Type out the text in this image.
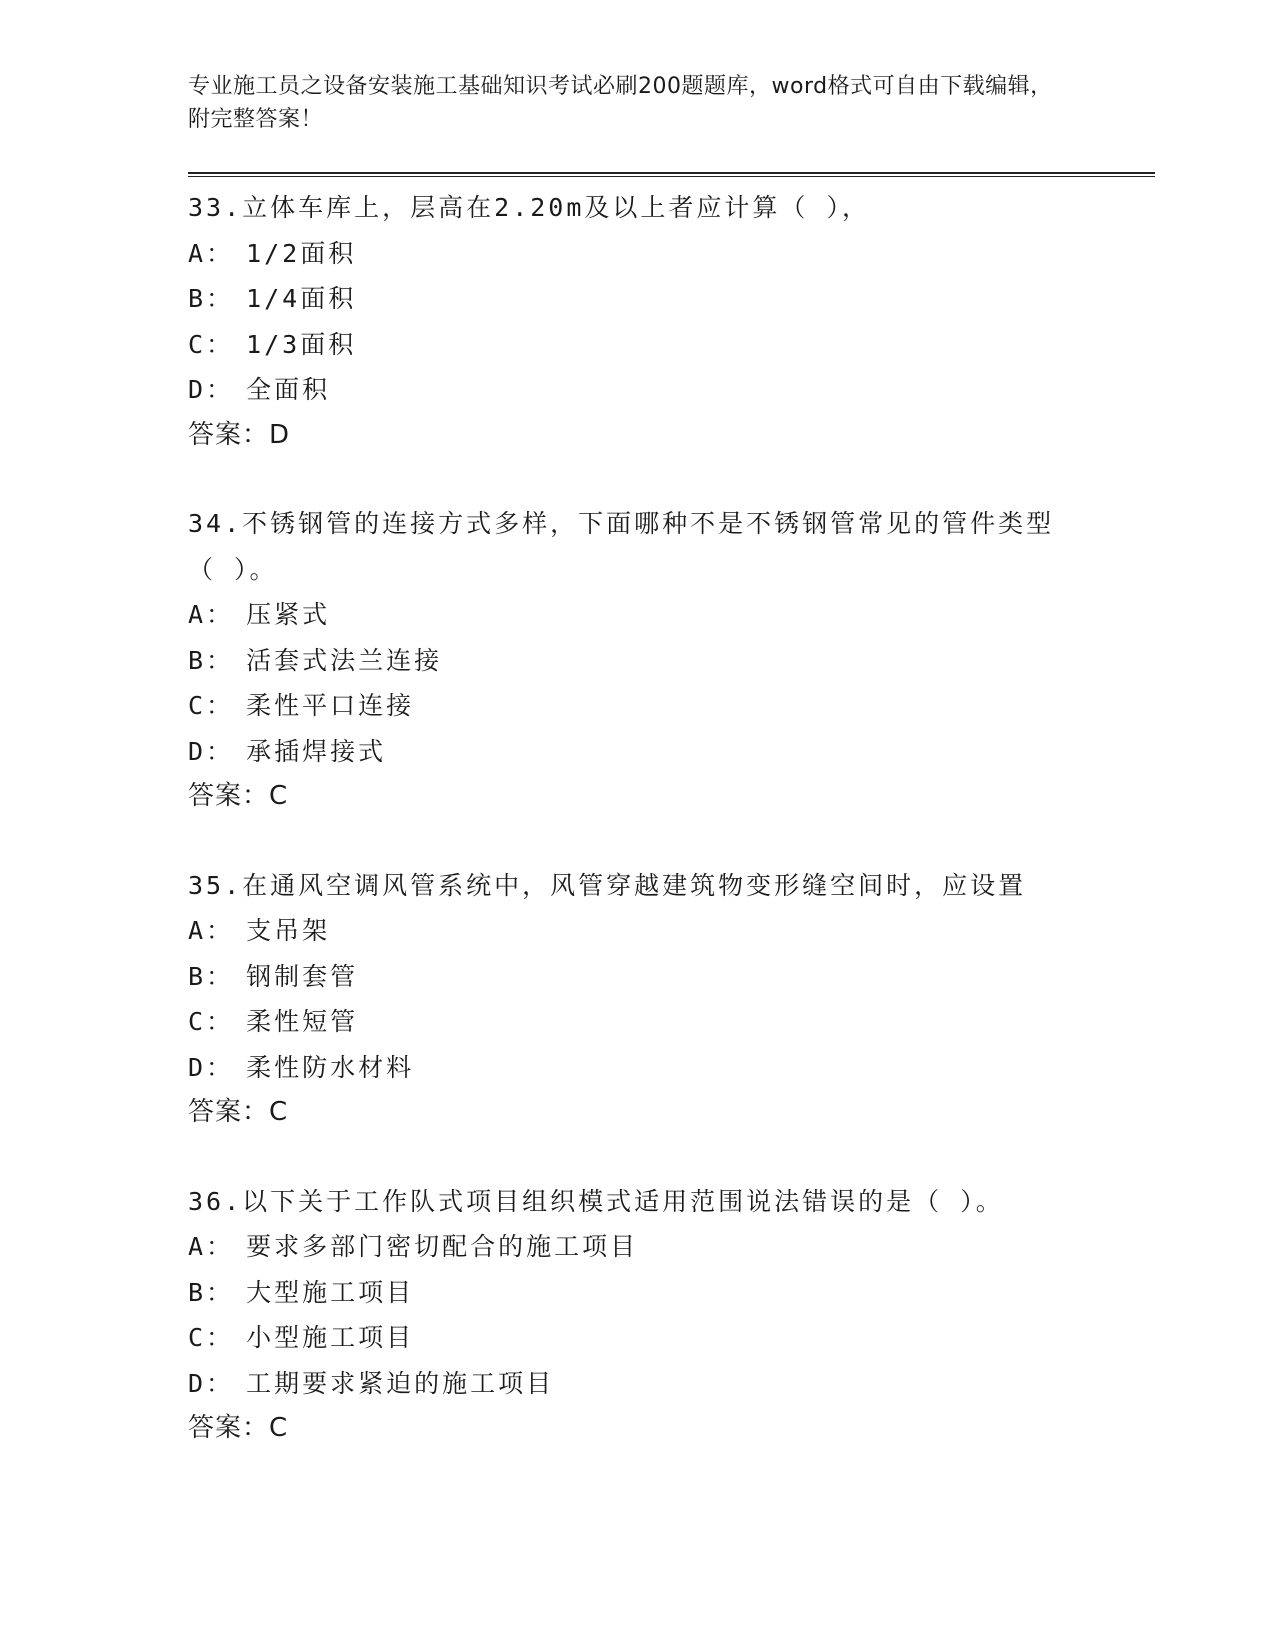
专业施工员之设备安装施工基础知识考试必刷200题题库，word格式可自由下载编辑，附完整答案！

33.立体车库上，层高在2.20m及以上者应计算（ ），

A： 1/2面积

B： 1/4面积

C： 1/3面积

D： 全面积

答案：D

34.不锈钢管的连接方式多样，下面哪种不是不锈钢管常见的管件类型（ ）。

A： 压紧式

B： 活套式法兰连接

C： 柔性平口连接

D： 承插焊接式

答案：C

35.在通风空调风管系统中，风管穿越建筑物变形缝空间时，应设置

A： 支吊架

B： 钢制套管

C： 柔性短管

D： 柔性防水材料

答案：C

36.以下关于工作队式项目组织模式适用范围说法错误的是（ ）。

A： 要求多部门密切配合的施工项目

B： 大型施工项目

C： 小型施工项目

D： 工期要求紧迫的施工项目

答案：C
